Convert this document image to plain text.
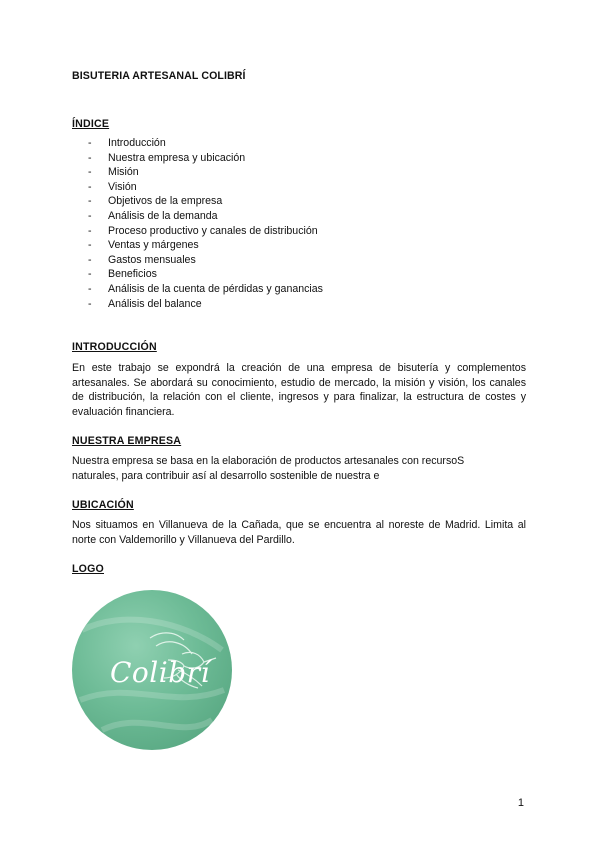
BISUTERIA ARTESANAL COLIBRÍ
ÍNDICE
-	Introducción
-	Nuestra empresa y ubicación
-	Misión
-	Visión
-	Objetivos de la empresa
-	Análisis de la demanda
-	Proceso productivo y canales de distribución
-	Ventas y márgenes
-	Gastos mensuales
-	Beneficios
-	Análisis de la cuenta de pérdidas y ganancias
-	Análisis del balance
INTRODUCCIÓN

En este trabajo se expondrá la creación de una empresa de bisutería y complementos artesanales. Se abordará su conocimiento, estudio de mercado, la misión y visión, los canales de distribución, la relación con el cliente, ingresos y para finalizar, la estructura de costes y evaluación financiera.

NUESTRA EMPRESA

Nuestra empresa se basa en la elaboración de productos artesanales con recursoS naturales, para contribuir así al desarrollo sostenible de nuestra e

UBICACIÓN

Nos situamos en Villanueva de la Cañada, que se encuentra al noreste de Madrid. Limita al norte con Valdemorillo y Villanueva del Pardillo.

LOGO
Colibrí
1
